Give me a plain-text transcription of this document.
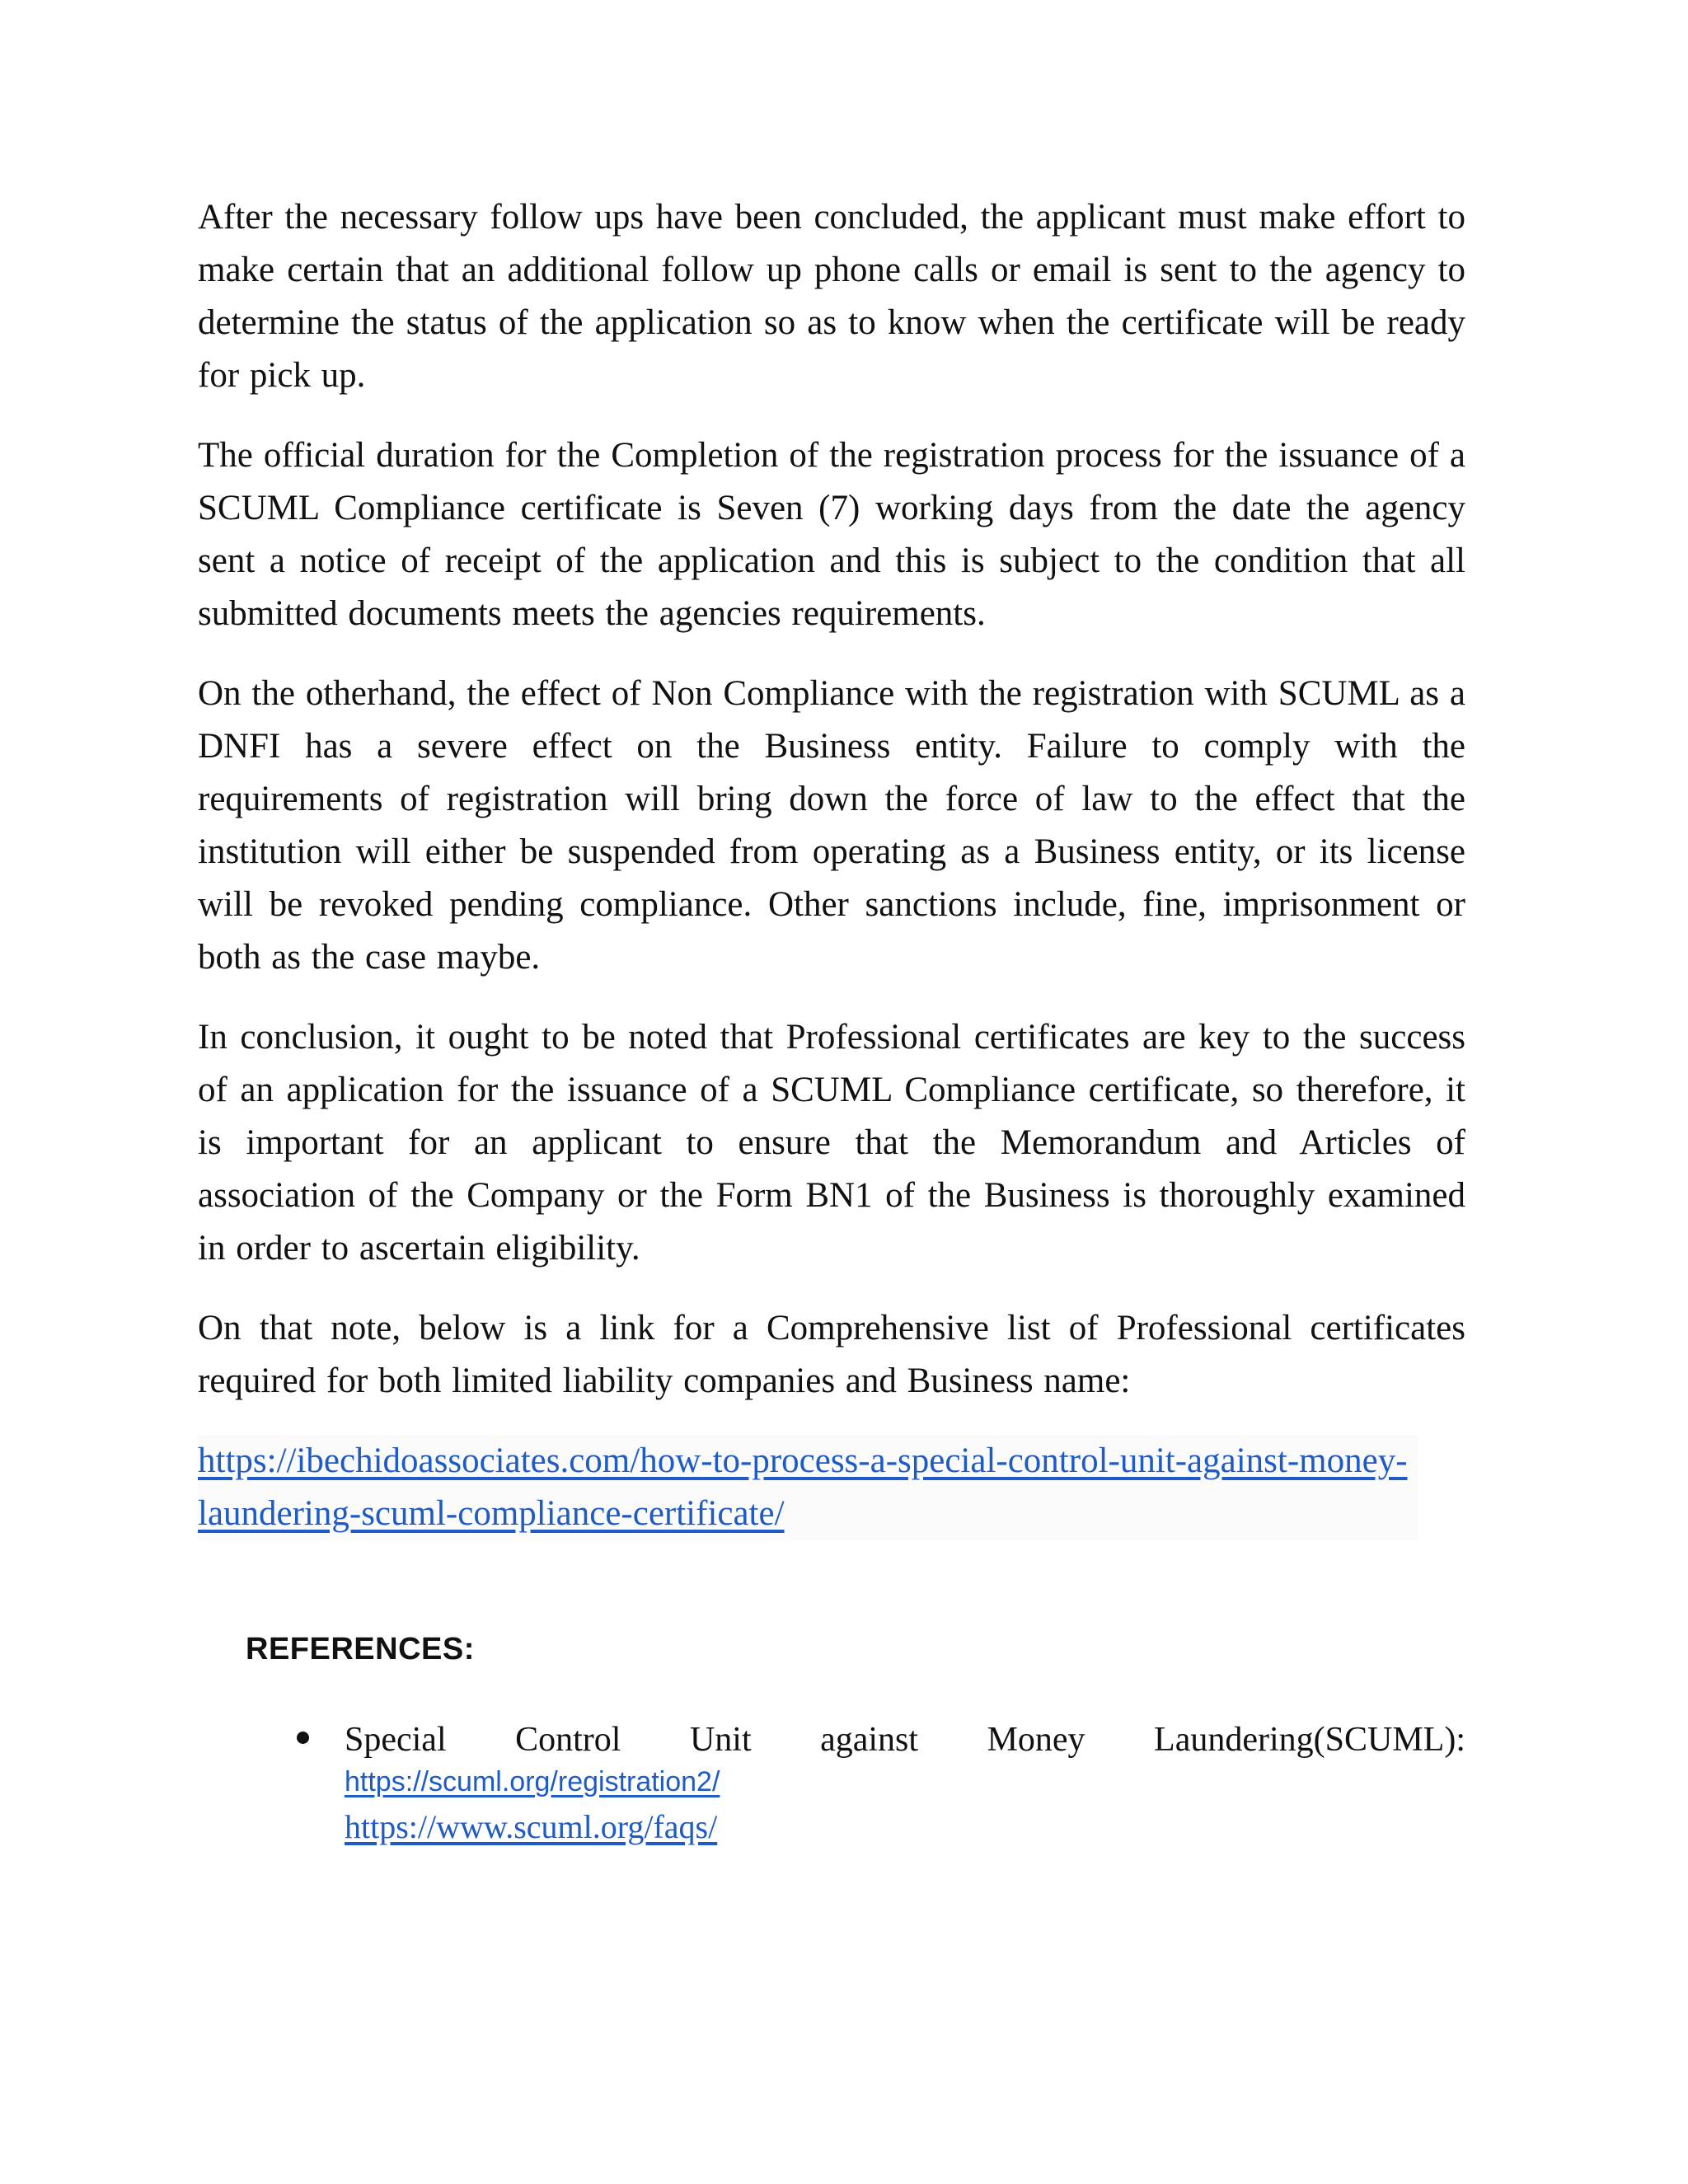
After the necessary follow ups have been concluded, the applicant must make effort to make certain that an additional follow up phone calls or email is sent to the agency to determine the status of the application so as to know when the certificate will be ready for pick up.

The official duration for the Completion of the registration process for the issuance of a SCUML Compliance certificate is Seven (7) working days from the date the agency sent a notice of receipt of the application and this is subject to the condition that all submitted documents meets the agencies requirements.

On the otherhand, the effect of Non Compliance with the registration with SCUML as a DNFI has a severe effect on the Business entity. Failure to comply with the requirements of registration will bring down the force of law to the effect that the institution will either be suspended from operating as a Business entity, or its license will be revoked pending compliance. Other sanctions include, fine, imprisonment or both as the case maybe.

In conclusion, it ought to be noted that Professional certificates are key to the success of an application for the issuance of a SCUML Compliance certificate, so therefore, it is important for an applicant to ensure that the Memorandum and Articles of association of the Company or the Form BN1 of the Business is thoroughly examined in order to ascertain eligibility.

On that note, below is a link for a Comprehensive list of Professional certificates required for both limited liability companies and Business name:

https://ibechidoassociates.com/how-to-process-a-special-control-unit-against-money-laundering-scuml-compliance-certificate/
REFERENCES:
Special Control Unit against Money Laundering(SCUML):
https://scuml.org/registration2/
https://www.scuml.org/faqs/
